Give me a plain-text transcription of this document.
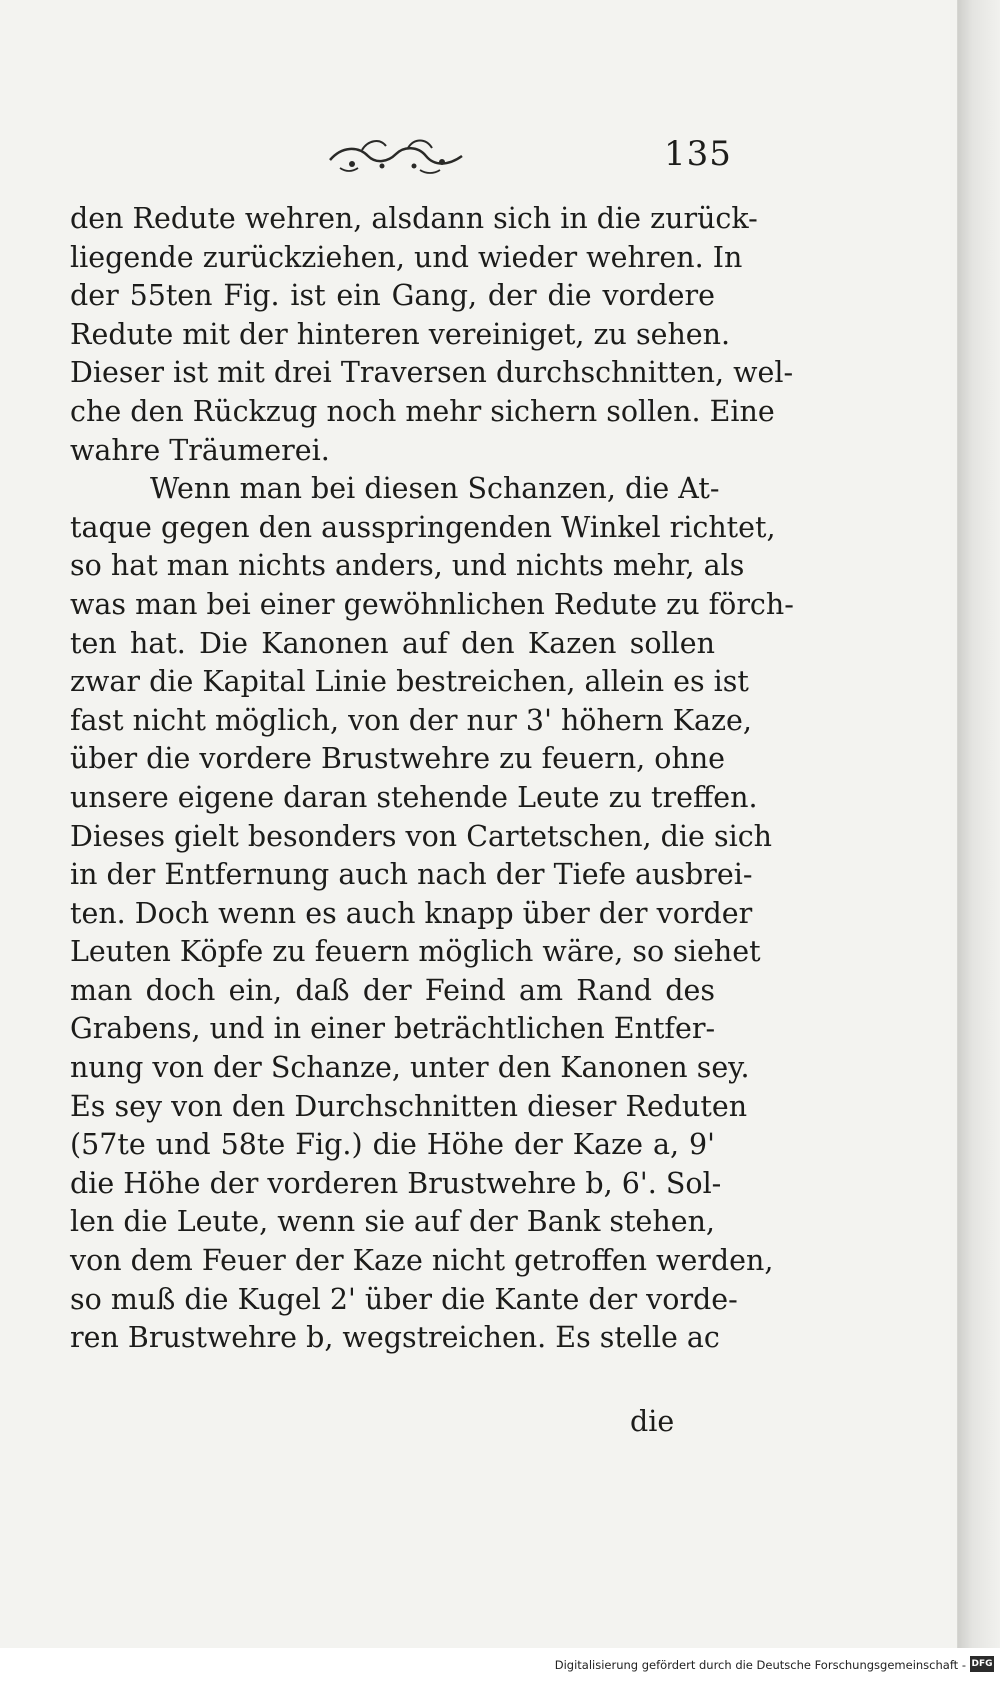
135
den Redute wehren, alsdann sich in die zurück-
liegende zurückziehen, und wieder wehren. In
der 55ten Fig. ist ein Gang, der die vordere
Redute mit der hinteren vereiniget, zu sehen.
Dieser ist mit drei Traversen durchschnitten, wel-
che den Rückzug noch mehr sichern sollen. Eine
wahre Träumerei.
Wenn man bei diesen Schanzen, die At-
taque gegen den ausspringenden Winkel richtet,
so hat man nichts anders, und nichts mehr, als
was man bei einer gewöhnlichen Redute zu förch-
ten hat. Die Kanonen auf den Kazen sollen
zwar die Kapital Linie bestreichen, allein es ist
fast nicht möglich, von der nur 3' höhern Kaze,
über die vordere Brustwehre zu feuern, ohne
unsere eigene daran stehende Leute zu treffen.
Dieses gielt besonders von Cartetschen, die sich
in der Entfernung auch nach der Tiefe ausbrei-
ten. Doch wenn es auch knapp über der vorder
Leuten Köpfe zu feuern möglich wäre, so siehet
man doch ein, daß der Feind am Rand des
Grabens, und in einer beträchtlichen Entfer-
nung von der Schanze, unter den Kanonen sey.
Es sey von den Durchschnitten dieser Reduten
(57te und 58te Fig.) die Höhe der Kaze a, 9'
die Höhe der vorderen Brustwehre b, 6'. Sol-
len die Leute, wenn sie auf der Bank stehen,
von dem Feuer der Kaze nicht getroffen werden,
so muß die Kugel 2' über die Kante der vorde-
ren Brustwehre b, wegstreichen. Es stelle ac
die
Digitalisierung gefördert durch die Deutsche Forschungsgemeinschaft - DFG
